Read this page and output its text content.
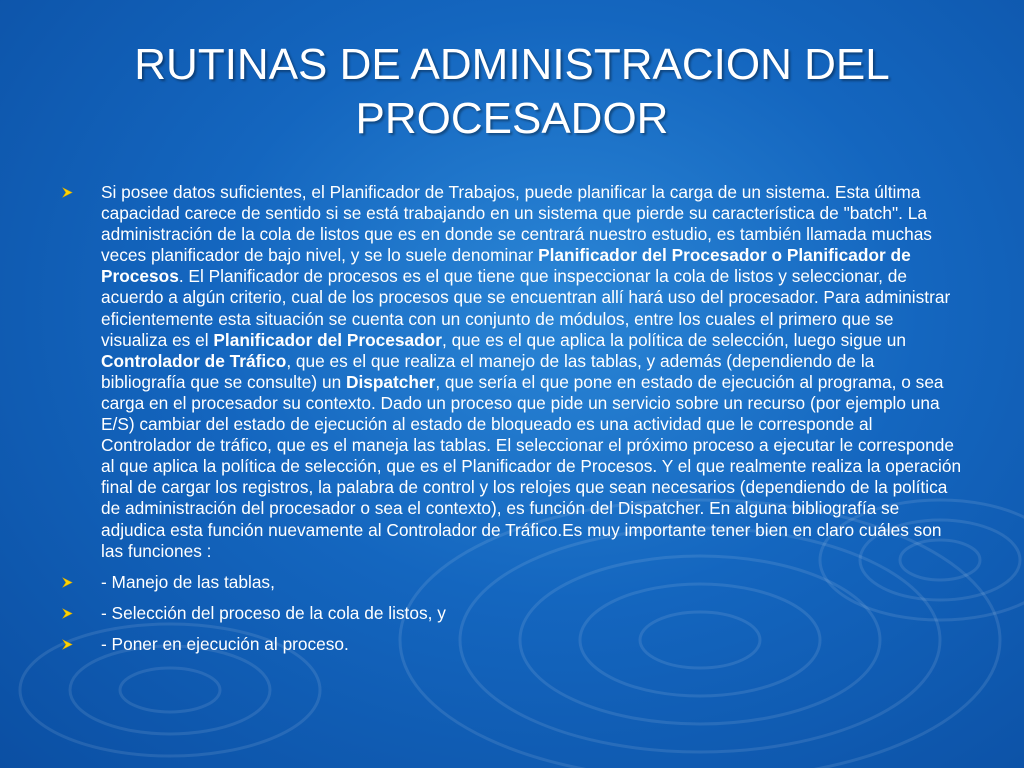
RUTINAS DE ADMINISTRACION DEL
PROCESADOR
Si posee datos suficientes, el Planificador de Trabajos, puede planificar la carga de un sistema. Esta última capacidad carece de sentido si se está trabajando en un sistema que pierde su característica de "batch". La administración de la cola de listos que es en donde se centrará nuestro estudio, es también llamada muchas veces planificador de bajo nivel, y se lo suele denominar Planificador del Procesador o Planificador de Procesos. El Planificador de procesos es el que tiene que inspeccionar la cola de listos y seleccionar, de acuerdo a algún criterio, cual de los procesos que se encuentran allí hará uso del procesador. Para administrar eficientemente esta situación se cuenta con un conjunto de módulos, entre los cuales el primero que se visualiza es el Planificador del Procesador, que es el que aplica la política de selección, luego sigue un Controlador de Tráfico, que es el que realiza el manejo de las tablas, y además (dependiendo de la bibliografía que se consulte) un Dispatcher, que sería el que pone en estado de ejecución al programa, o sea carga en el procesador su contexto. Dado un proceso que pide un servicio sobre un recurso (por ejemplo una E/S) cambiar del estado de ejecución al estado de bloqueado es una actividad que le corresponde al Controlador de tráfico, que es el maneja las tablas. El seleccionar el próximo proceso a ejecutar le corresponde al que aplica la política de selección, que es el Planificador de Procesos. Y el que realmente realiza la operación final de cargar los registros, la palabra de control y los relojes que sean necesarios (dependiendo de la política de administración del procesador o sea el contexto), es función del Dispatcher. En alguna bibliografía se adjudica esta función nuevamente al Controlador de Tráfico.Es muy importante tener bien en claro cuáles son las funciones :
- Manejo de las tablas,
- Selección del proceso de la cola de listos, y
- Poner en ejecución al proceso.
